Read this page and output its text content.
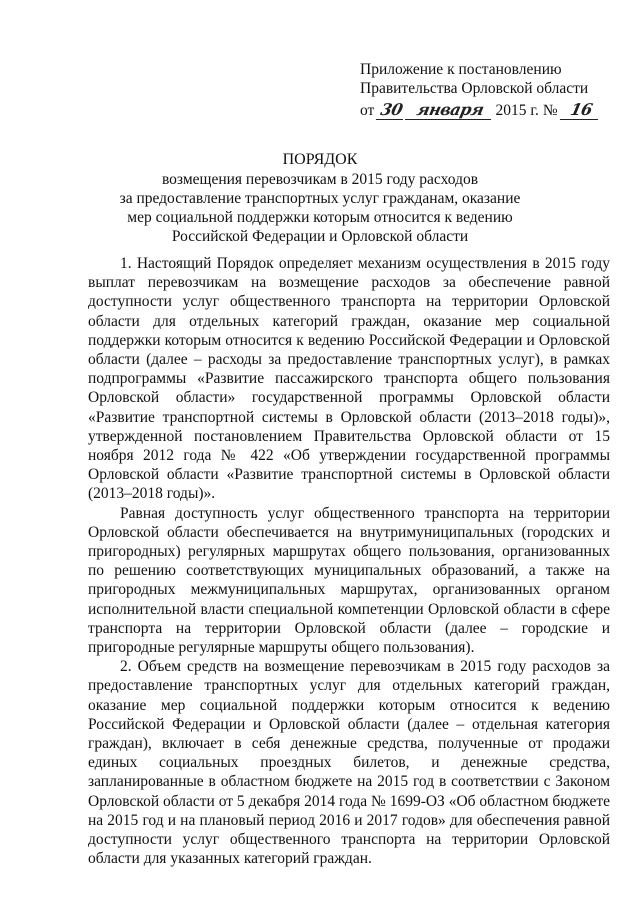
Приложение к постановлению
Правительства Орловской области
от 30 января 2015 г. № 16
ПОРЯДОК
возмещения перевозчикам в 2015 году расходов
за предоставление транспортных услуг гражданам, оказание
мер социальной поддержки которым относится к ведению
Российской Федерации и Орловской области

1. Настоящий Порядок определяет механизм осуществления в 2015 году выплат перевозчикам на возмещение расходов за обеспечение равной доступности услуг общественного транспорта на территории Орловской области для отдельных категорий граждан, оказание мер социальной поддержки которым относится к ведению Российской Федерации и Орловской области (далее – расходы за предоставление транспортных услуг), в рамках подпрограммы «Развитие пассажирского транспорта общего пользования Орловской области» государственной программы Орловской области «Развитие транспортной системы в Орловской области (2013–2018 годы)», утвержденной постановлением Правительства Орловской области от 15 ноября 2012 года № 422 «Об утверждении государственной программы Орловской области «Развитие транспортной системы в Орловской области (2013–2018 годы)».

Равная доступность услуг общественного транспорта на территории Орловской области обеспечивается на внутримуниципальных (городских и пригородных) регулярных маршрутах общего пользования, организованных по решению соответствующих муниципальных образований, а также на пригородных межмуниципальных маршрутах, организованных органом исполнительной власти специальной компетенции Орловской области в сфере транспорта на территории Орловской области (далее – городские и пригородные регулярные маршруты общего пользования).

2. Объем средств на возмещение перевозчикам в 2015 году расходов за предоставление транспортных услуг для отдельных категорий граждан, оказание мер социальной поддержки которым относится к ведению Российской Федерации и Орловской области (далее – отдельная категория граждан), включает в себя денежные средства, полученные от продажи единых социальных проездных билетов, и денежные средства, запланированные в областном бюджете на 2015 год в соответствии с Законом Орловской области от 5 декабря 2014 года № 1699-ОЗ «Об областном бюджете на 2015 год и на плановый период 2016 и 2017 годов» для обеспечения равной доступности услуг общественного транспорта на территории Орловской области для указанных категорий граждан.
